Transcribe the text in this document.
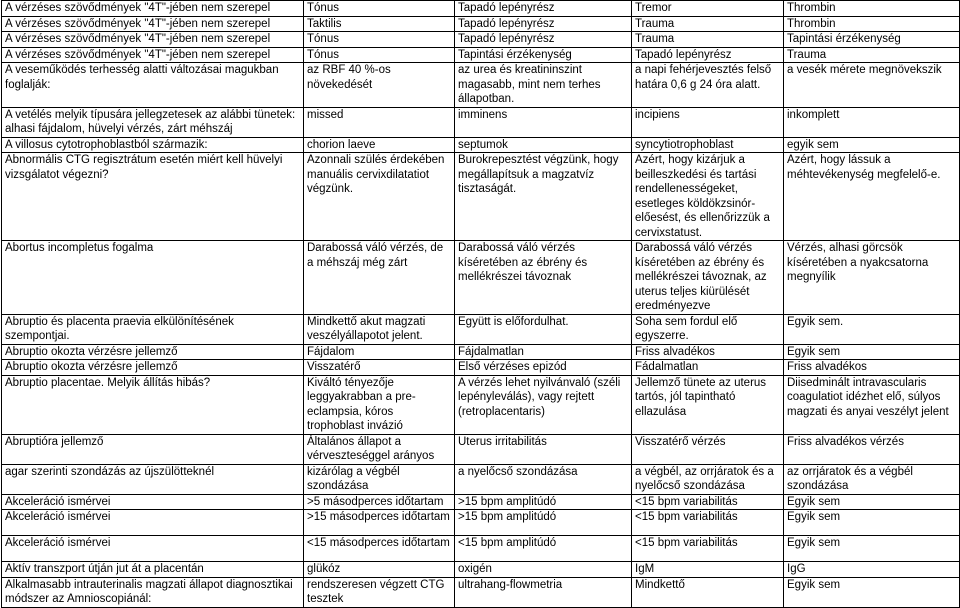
A vérzéses szövődmények "4T"-jében nem szerepel	Tónus	Tapadó lepényrész	Tremor	Thrombin
A vérzéses szövődmények "4T"-jében nem szerepel	Taktilis	Tapadó lepényrész	Trauma	Thrombin
A vérzéses szövődmények "4T"-jében nem szerepel	Tónus	Tapadó lepényrész	Trauma	Tapintási érzékenység
A vérzéses szövődmények "4T"-jében nem szerepel	Tónus	Tapintási érzékenység	Tapadó lepényrész	Trauma
A veseműködés terhesség alatti változásai magukban foglalják:	az RBF 40 %-os növekedését	az urea és kreatininszint magasabb, mint nem terhes állapotban.	a napi fehérjevesztés felső határa 0,6 g 24 óra alatt.	a vesék mérete megnövekszik
A vetélés melyik típusára jellegzetesek az alábbi tünetek: alhasi fájdalom, hüvelyi vérzés, zárt méhszáj	missed	imminens	incipiens	inkomplett
A villosus cytotrophoblastból származik:	chorion laeve	septumok	syncytiotrophoblast	egyik sem
Abnormális CTG regisztrátum esetén miért kell hüvelyi vizsgálatot végezni?	Azonnali szülés érdekében manuális cervixdilatatiot végzünk.	Burokrepesztést végzünk, hogy megállapítsuk a magzatvíz tisztaságát.	Azért, hogy kizárjuk a beilleszkedési és tartási rendellenességeket, esetleges köldökzsinór-előesést, és ellenőrizzük a cervixstatust.	Azért, hogy lássuk a méhtevékenység megfelelő-e.
Abortus incompletus fogalma	Darabossá váló vérzés, de a méhszáj még zárt	Darabossá váló vérzés kíséretében az ébrény és mellékrészei távoznak	Darabossá váló vérzés kíséretében az ébrény és mellékrészei távoznak, az uterus teljes kiürülését eredményezve	Vérzés, alhasi görcsök kíséretében a nyakcsatorna megnyílik
Abruptio és placenta praevia elkülönítésének szempontjai.	Mindkettő akut magzati veszélyállapotot jelent.	Együtt is előfordulhat.	Soha sem fordul elő egyszerre.	Egyik sem.
Abruptio okozta vérzésre jellemző	Fájdalom	Fájdalmatlan	Friss alvadékos	Egyik sem
Abruptio okozta vérzésre jellemző	Visszatérő	Első vérzéses epizód	Fádalmatlan	Friss alvadékos
Abruptio placentae. Melyik állítás hibás?	Kiváltó tényezője leggyakrabban a pre-eclampsia, kóros trophoblast invázió	A vérzés lehet nyilvánvaló (széli lepényleválás), vagy rejtett (retroplacentaris)	Jellemző tünete az uterus tartós, jól tapintható ellazulása	Diisedminált intravascularis coagulatiot idézhet elő, súlyos magzati és anyai veszélyt jelent
Abruptióra jellemző	Általános állapot a vérveszteséggel arányos	Uterus irritabilitás	Visszatérő vérzés	Friss alvadékos vérzés
agar szerinti szondázás az újszülötteknél	kizárólag a végbél szondázása	a nyelőcső szondázása	a végbél, az orrjáratok és a nyelőcső szondázása	az orrjáratok és a végbél szondázása
Akceleráció ismérvei	>5 másodperces időtartam	>15 bpm amplitúdó	<15 bpm variabilitás	Egyik sem
Akceleráció ismérvei	>15 másodperces időtartam	>15 bpm amplitúdó	<15 bpm variabilitás	Egyik sem
Akceleráció ismérvei	<15 másodperces időtartam	<15 bpm amplitúdó	<15 bpm variabilitás	Egyik sem
Aktív transzport útján jut át a placentán	glükóz	oxigén	IgM	IgG
Alkalmasabb intrauterinalis magzati állapot diagnosztikai módszer az Amnioscopiánál:	rendszeresen végzett CTG tesztek	ultrahang-flowmetria	Mindkettő	Egyik sem
